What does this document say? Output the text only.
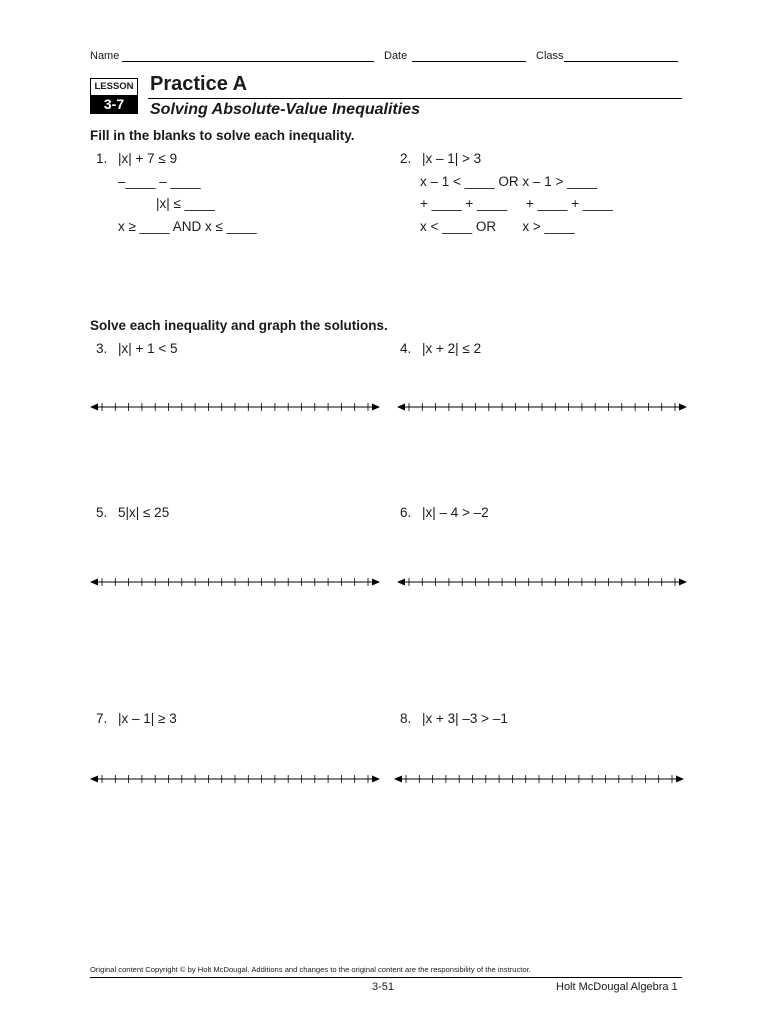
Name	Date	Class
LESSON
3-7
Practice A
Solving Absolute-Value Inequalities
Fill in the blanks to solve each inequality.
1. |x| + 7 ≤ 9
–____ – ____
|x| ≤ ____
x ≥ ____ AND x ≤ ____
2. |x – 1| > 3
x – 1 < ____ OR x – 1 > ____
+ ____ + ____     + ____ + ____
x < ____ OR       x > ____
Solve each inequality and graph the solutions.
3. |x| + 1 < 5	4. |x + 2| ≤ 2
5. 5|x| ≤ 25	6. |x| – 4 > –2
7. |x – 1| ≥ 3	8. |x + 3| –3 > –1
Original content Copyright © by Holt McDougal. Additions and changes to the original content are the responsibility of the instructor.
3-51	Holt McDougal Algebra 1
